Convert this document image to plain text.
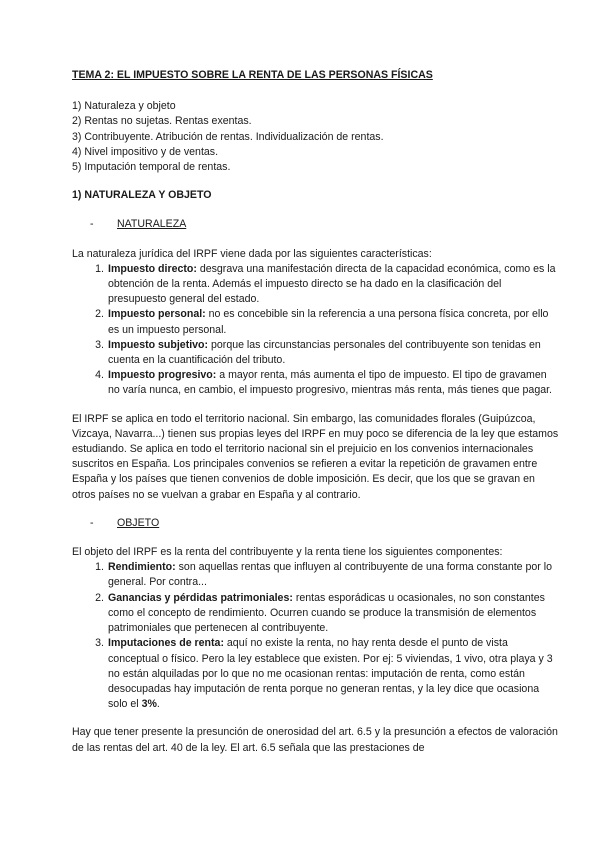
TEMA 2: EL IMPUESTO SOBRE LA RENTA DE LAS PERSONAS FÍSICAS
1) Naturaleza y objeto
2) Rentas no sujetas. Rentas exentas.
3) Contribuyente. Atribución de rentas. Individualización de rentas.
4) Nivel impositivo y de ventas.
5) Imputación temporal de rentas.
1) NATURALEZA Y OBJETO
-	NATURALEZA

La naturaleza jurídica del IRPF viene dada por las siguientes características:

1. Impuesto directo: desgrava una manifestación directa de la capacidad económica, como es la obtención de la renta. Además el impuesto directo se ha dado en la clasificación del presupuesto general del estado.
2. Impuesto personal: no es concebible sin la referencia a una persona física concreta, por ello es un impuesto personal.
3. Impuesto subjetivo: porque las circunstancias personales del contribuyente son tenidas en cuenta en la cuantificación del tributo.
4. Impuesto progresivo: a mayor renta, más aumenta el tipo de impuesto. El tipo de gravamen no varía nunca, en cambio, el impuesto progresivo, mientras más renta, más tienes que pagar.

El IRPF se aplica en todo el territorio nacional. Sin embargo, las comunidades florales (Guipúzcoa, Vizcaya, Navarra...) tienen sus propias leyes del IRPF en muy poco se diferencia de la ley que estamos estudiando. Se aplica en todo el territorio nacional sin el prejuicio en los convenios internacionales suscritos en España. Los principales convenios se refieren a evitar la repetición de gravamen entre España y los países que tienen convenios de doble imposición. Es decir, que los que se gravan en otros países no se vuelvan a grabar en España y al contrario.

-	OBJETO

El objeto del IRPF es la renta del contribuyente y la renta tiene los siguientes componentes:

1. Rendimiento: son aquellas rentas que influyen al contribuyente de una forma constante por lo general. Por contra...
2. Ganancias y pérdidas patrimoniales: rentas esporádicas u ocasionales, no son constantes como el concepto de rendimiento. Ocurren cuando se produce la transmisión de elementos patrimoniales que pertenecen al contribuyente.
3. Imputaciones de renta: aquí no existe la renta, no hay renta desde el punto de vista conceptual o físico. Pero la ley establece que existen. Por ej: 5 viviendas, 1 vivo, otra playa y 3 no están alquiladas por lo que no me ocasionan rentas: imputación de renta, como están desocupadas hay imputación de renta porque no generan rentas, y la ley dice que ocasiona solo el 3%.

Hay que tener presente la presunción de onerosidad del art. 6.5 y la presunción a efectos de valoración de las rentas del art. 40 de la ley. El art. 6.5 señala que las prestaciones de
